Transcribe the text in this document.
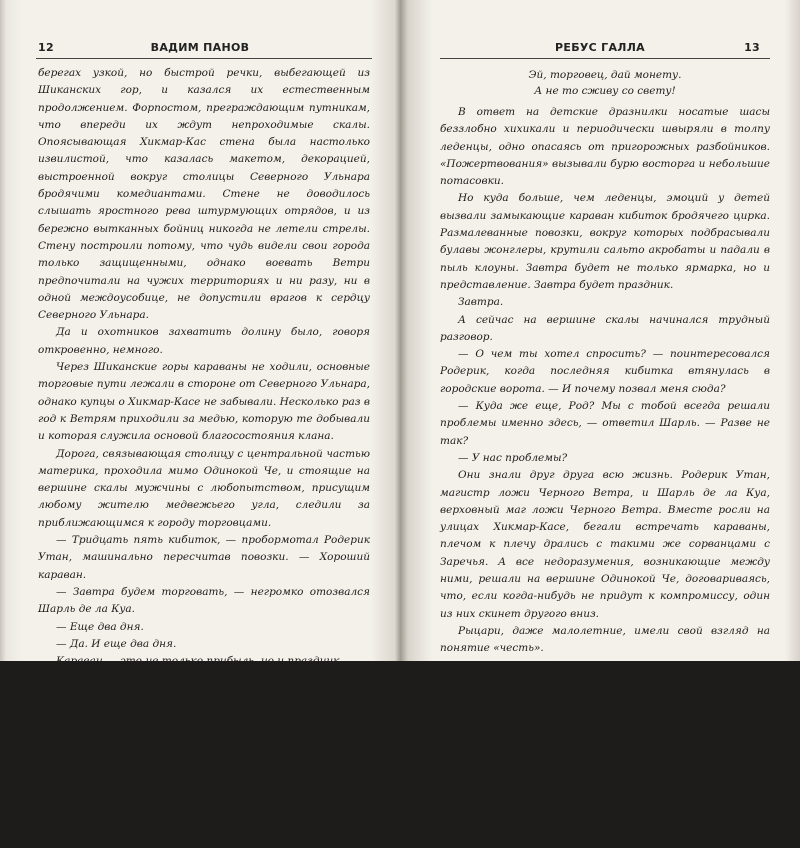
12	ВАДИМ ПАНОВ

берегах узкой, но быстрой речки, выбегающей из Шиканских гор, и казался их естественным продолжением. Форпостом, преграждающим путникам, что впереди их ждут непроходимые скалы. Опоясывающая Хикмар-Кас стена была настолько извилистой, что казалась макетом, декорацией, выстроенной вокруг столицы Северного Ульнара бродячими комедиантами. Стене не доводилось слышать яростного рева штурмующих отрядов, и из бережно вытканных бойниц никогда не летели стрелы. Стену построили потому, что чудь видели свои города только защищенными, однако воевать Ветри предпочитали на чужих территориях и ни разу, ни в одной междоусобице, не допустили врагов к сердцу Северного Ульнара.

Да и охотников захватить долину было, говоря откровенно, немного.

Через Шиканские горы караваны не ходили, основные торговые пути лежали в стороне от Северного Ульнара, однако купцы о Хикмар-Касе не забывали. Несколько раз в год к Ветрям приходили за медью, которую те добывали и которая служила основой благосостояния клана.

Дорога, связывающая столицу с центральной частью материка, проходила мимо Одинокой Че, и стоящие на вершине скалы мужчины с любопытством, присущим любому жителю медвежьего угла, следили за приближающимся к городу торговцами.

— Тридцать пять кибиток, — пробормотал Родерик Утан, машинально пересчитав повозки. — Хороший караван.

— Завтра будем торговать, — негромко отозвался Шарль де ла Куа.

— Еще два дня.

— Да. И еще два дня.

Караван — это не только прибыль, но и праздник.

Нетерпеливые дети давным давно высыпали за городские стены и с радостными воплями носились вокруг скрипящих кибиток и ступающих с неспешной важностью хадарских тяжеловозов. Караваны в Северный Ульнар снаряжались только одни: медь штука тяжелая, а неторопливые хадарцы без труда тащили кибитку, груженную в три раза тяжелее обычного.

РЕБУС ГАЛЛА	13
Эй, торговец, дай монету.
А не то сживу со свету!

В ответ на детские дразнилки носатые шасы беззлобно хихикали и периодически швыряли в толпу леденцы, одно опасаясь от пригорожных разбойников. «Пожертвования» вызывали бурю восторга и небольшие потасовки.

Но куда больше, чем леденцы, эмоций у детей вызвали замыкающие караван кибиток бродячего цирка. Размалеванные повозки, вокруг которых подбрасывали булавы жонглеры, крутили сальто акробаты и падали в пыль клоуны. Завтра будет не только ярмарка, но и представление. Завтра будет праздник.

Завтра.

А сейчас на вершине скалы начинался трудный разговор.

— О чем ты хотел спросить? — поинтересовался Родерик, когда последняя кибитка втянулась в городские ворота. — И почему позвал меня сюда?

— Куда же еще, Род? Мы с тобой всегда решали проблемы именно здесь, — ответил Шарль. — Разве не так?

— У нас проблемы?

Они знали друг друга всю жизнь. Родерик Утан, магистр ложи Черного Ветра, и Шарль де ла Куа, верховный маг ложи Черного Ветра. Вместе росли на улицах Хикмар-Касе, бегали встречать караваны, плечом к плечу дрались с такими же сорванцами с Заречья. А все недоразумения, возникающие между ними, решали на вершине Одинокой Че, договариваясь, что, если когда-нибудь не придут к компромиссу, один из них скинет другого вниз.

Рыцари, даже малолетние, имели свой взгляд на понятие «честь».

В юности пути Утана и де ла Куа разошлись. Шарль, у которого обнаружились незаурядные способности к магии, отправился в Канагар-Дабар, в самую престижную академию Ордена — его родители могли себе позволить дать сыну достойное образование. Родерик учился в заведении попроще, в рыцарском корпусе Гастазара, столицы одноименного удела, обычной школе для десятка лож, в том числе и Ветрей. Утану не было дано работать с магической энергией, а потому мальчишке и в голову не приходило, что он дослужит до магистра ложи. И Родерик рассчитывал.
